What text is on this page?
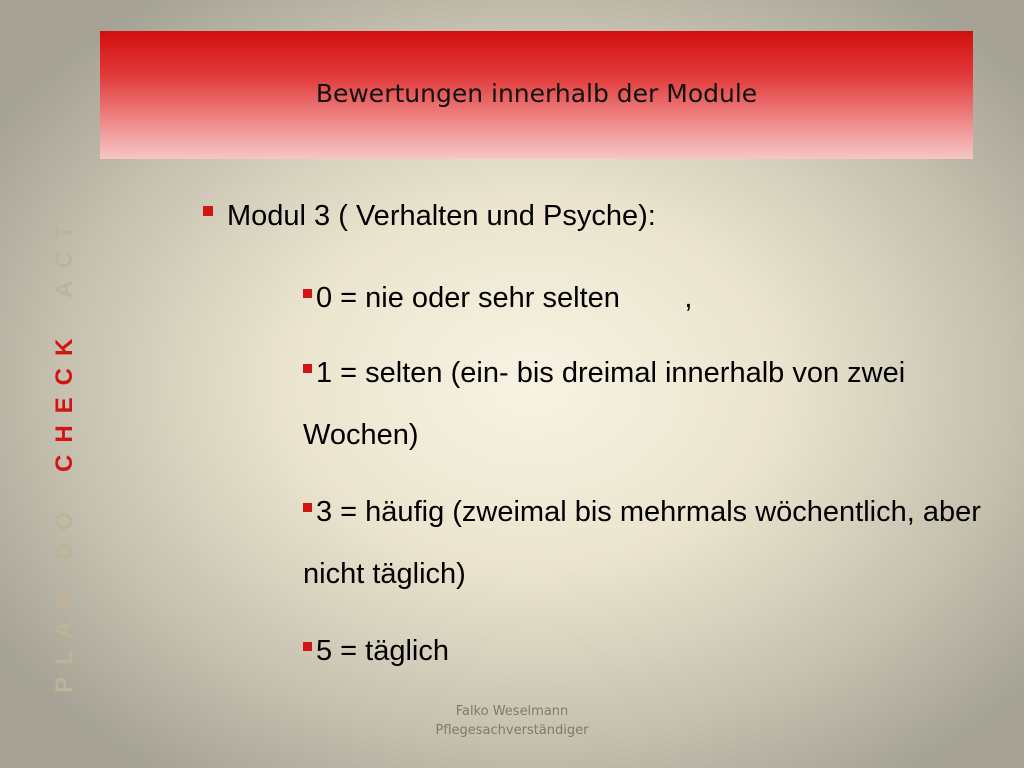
Bewertungen innerhalb der Module
PLAN
DO
CHECK
ACT	Modul 3 ( Verhalten und Psyche):
0 = nie oder sehr selten        ,
1 = selten (ein- bis dreimal innerhalb von zwei Wochen)
3 = häufig (zweimal bis mehrmals wöchentlich, aber nicht täglich)
5 = täglich
Falko Weselmann
Pflegesachverständiger
